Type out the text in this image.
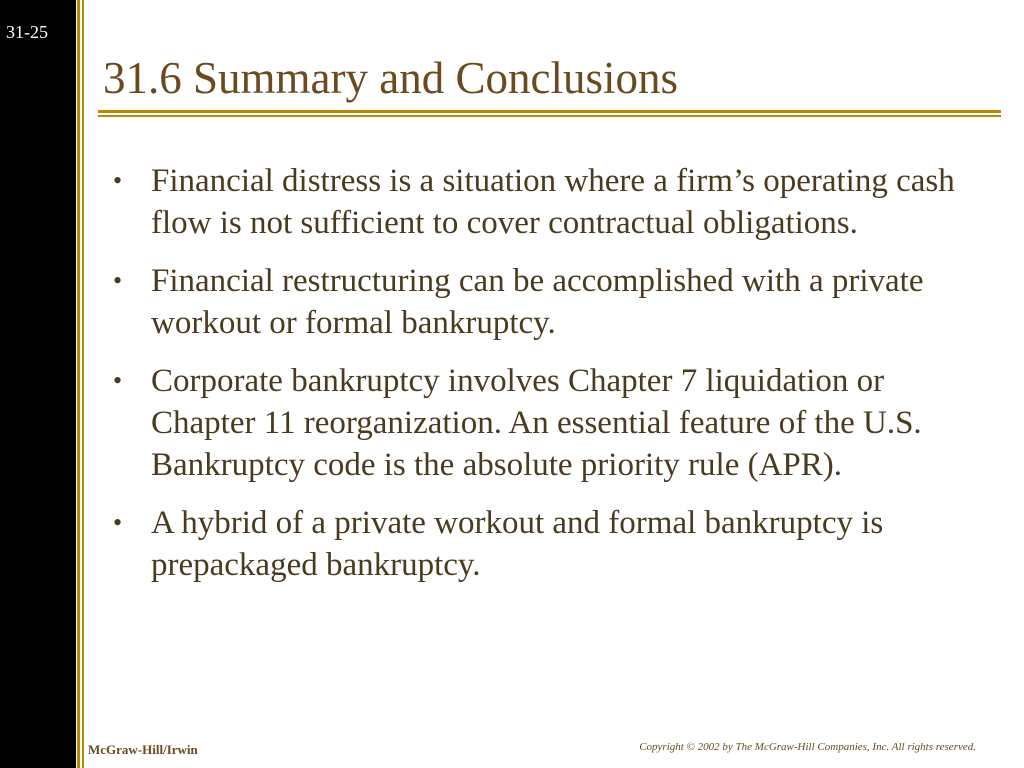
31-25
31.6 Summary and Conclusions
• Financial distress is a situation where a firm’s operating cash flow is not sufficient to cover contractual obligations.
• Financial restructuring can be accomplished with a private workout or formal bankruptcy.
• Corporate bankruptcy involves Chapter 7 liquidation or Chapter 11 reorganization. An essential feature of the U.S. Bankruptcy code is the absolute priority rule (APR).
• A hybrid of a private workout and formal bankruptcy is prepackaged bankruptcy.
McGraw-Hill/Irwin	Copyright © 2002 by The McGraw-Hill Companies, Inc. All rights reserved.
